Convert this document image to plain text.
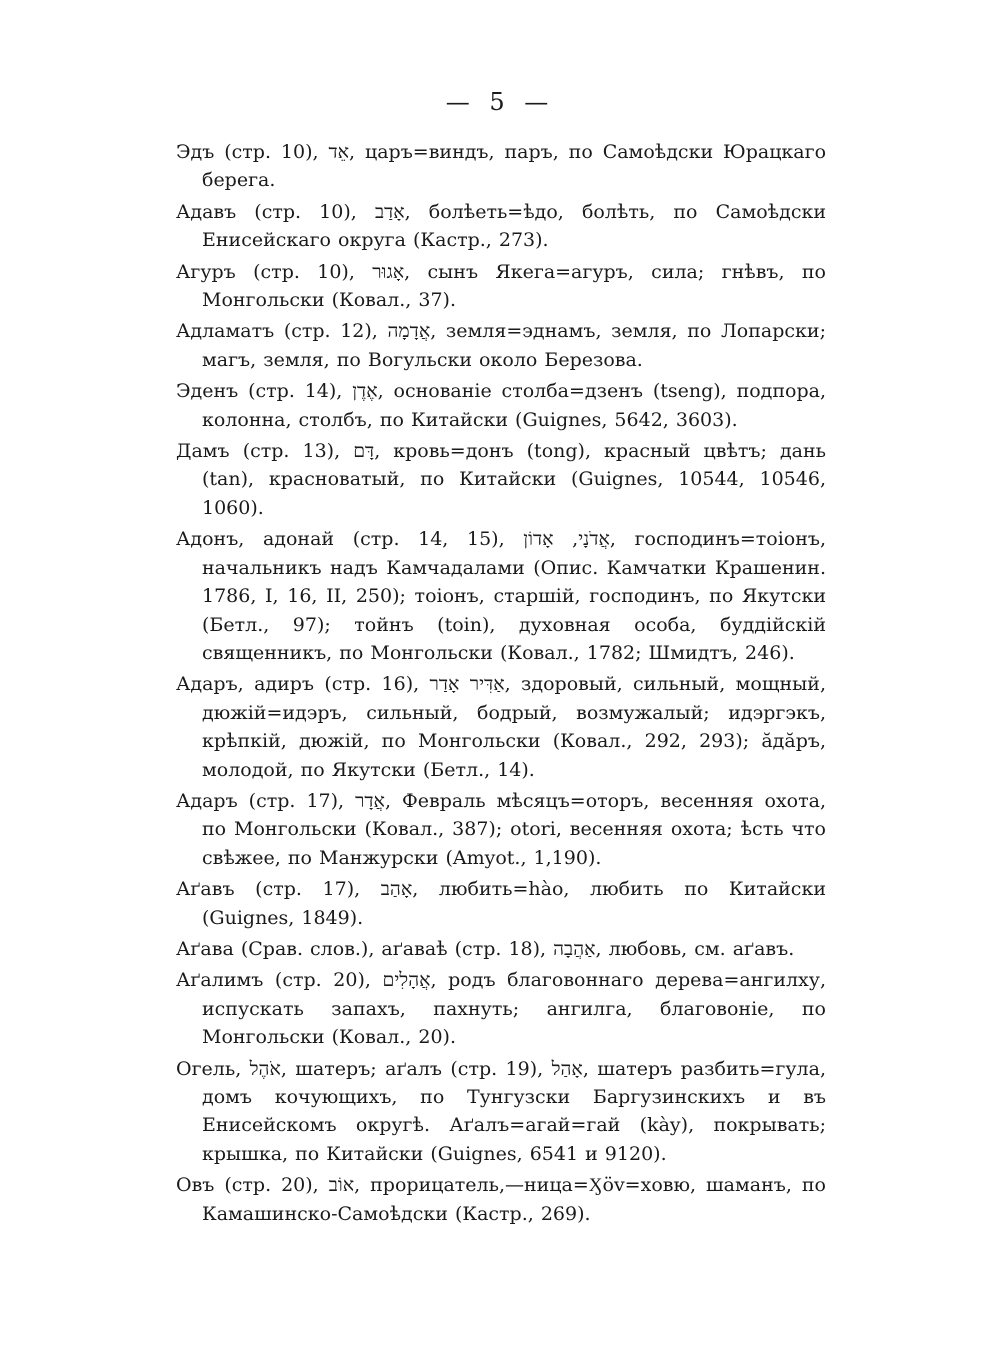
— 5 —

Эдъ (стр. 10), אֵד, царъ=виндъ, паръ, по Самоѣдски Юрацкаго берега.

Адавъ (стр. 10), אָדַב, болѣеть=ѣдо, болѣть, по Самоѣдски Енисейскаго округа (Кастр., 273).

Агуръ (стр. 10), אָגוּר, сынъ Якега=агуръ, сила; гнѣвъ, по Монгольски (Ковал., 37).

Адламатъ (стр. 12), אֲדָמָה, земля=эднамъ, земля, по Лопарски; магъ, земля, по Вогульски около Березова.

Эденъ (стр. 14), אֶדֶן, основаніе столба=дзенъ (tseng), подпора, колонна, столбъ, по Китайски (Guignes, 5642, 3603).

Дамъ (стр. 13), דָּם, кровь=донъ (tong), красный цвѣтъ; дань (tan), красноватый, по Китайски (Guignes, 10544, 10546, 1060).

Адонъ, адонай (стр. 14, 15), אֲדֹנָי, אָדוֹן, господинъ=тоіонъ, начальникъ надъ Камчадалами (Опис. Камчатки Крашенин. 1786, I, 16, II, 250); тоіонъ, старшій, господинъ, по Якутски (Бетл., 97); тойнъ (toin), духовная особа, буддійскій священникъ, по Монгольски (Ковал., 1782; Шмидтъ, 246).

Адаръ, адиръ (стр. 16), אַדִּיר אָדַר, здоровый, сильный, мощный, дюжій=идэръ, сильный, бодрый, возмужалый; идэргэкъ, крѣпкій, дюжій, по Монгольски (Ковал., 292, 293); ӑдӑръ, молодой, по Якутски (Бетл., 14).

Адаръ (стр. 17), אֲדָר, Февраль мѣсяцъ=оторъ, весенняя охота, по Монгольски (Ковал., 387); otori, весенняя охота; ѣсть что свѣжее, по Манжурски (Amyot., 1,190).

Аґавъ (стр. 17), אָהַב, любить=hào, любить по Китайски (Guignes, 1849).

Аґава (Срав. слов.), аґаваѣ (стр. 18), אַהֲבָה, любовь, см. аґавъ.

Аґалимъ (стр. 20), אֲהָלִים, родъ благовоннаго дерева=ангилху, испускать запахъ, пахнуть; ангилга, благовоніе, по Монгольски (Ковал., 20).

Огель, אֹהֶל, шатеръ; аґалъ (стр. 19), אָהַל, шатеръ разбить=гула, домъ кочующихъ, по Тунгузски Баргузинскихъ и въ Енисейскомъ округѣ. Аґалъ=агай=гай (kày), покрывать; крышка, по Китайски (Guignes, 6541 и 9120).

Овъ (стр. 20), אוֹב, прорицатель,—ница=Ӽӧv=ховю, шаманъ, по Камашинско-Самоѣдски (Кастр., 269).
